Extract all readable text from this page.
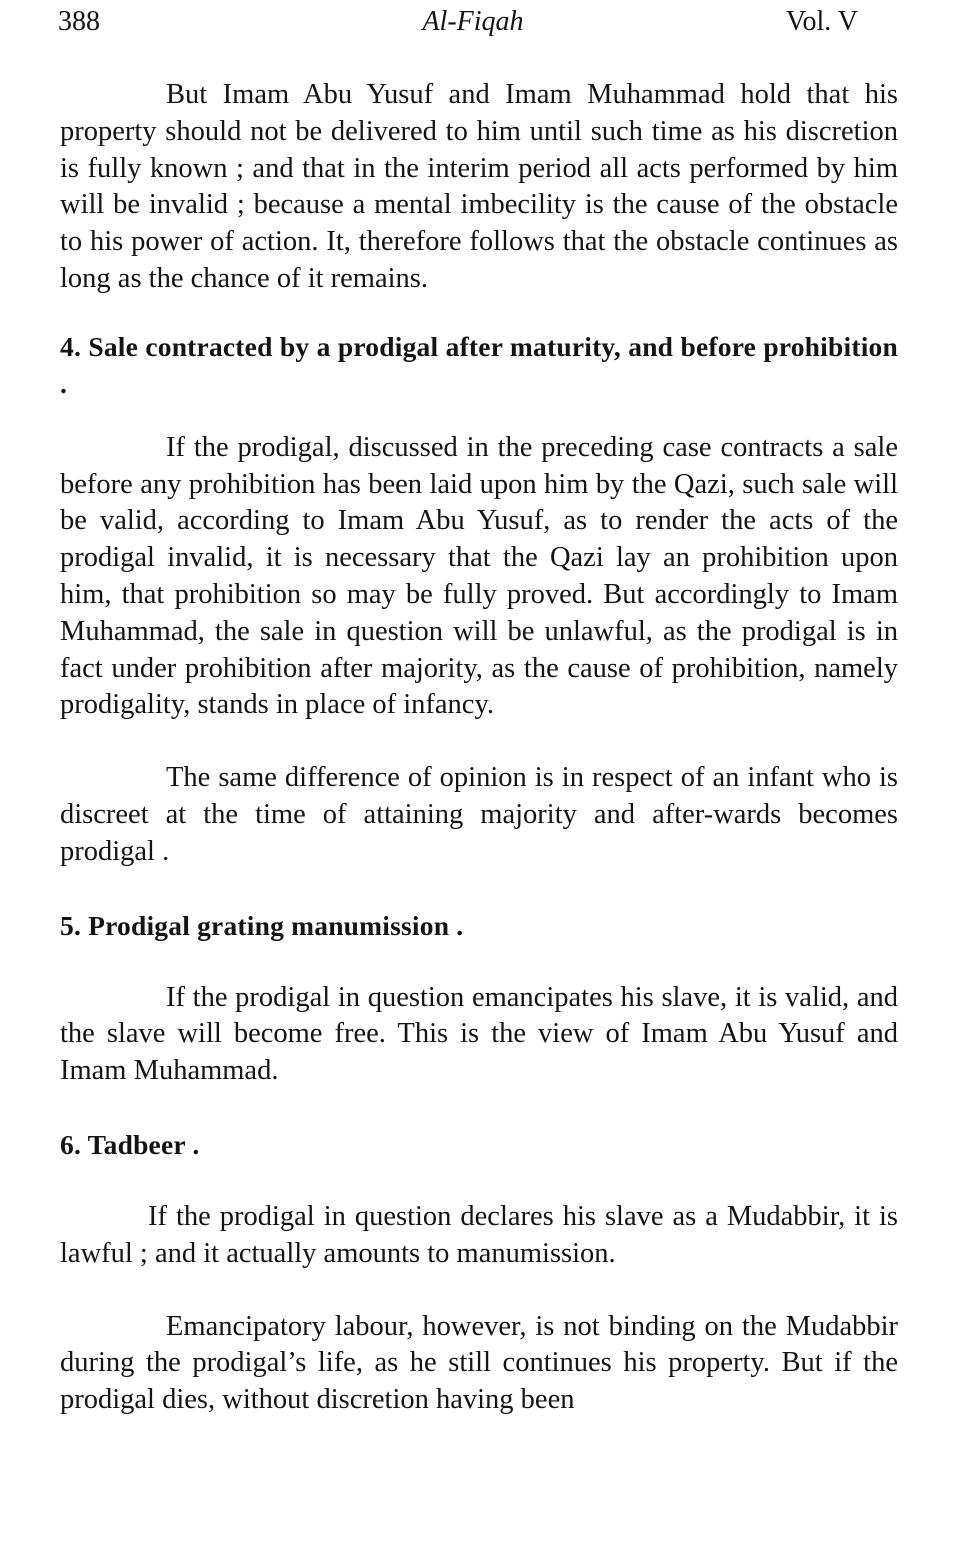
388	Al-Fiqah	Vol. V

But Imam Abu Yusuf and Imam Muhammad hold that his property should not be delivered to him until such time as his discretion is fully known ; and that in the interim period all acts performed by him will be invalid ; because a mental imbecility is the cause of the obstacle to his power of action. It, therefore follows that the obstacle continues as long as the chance of it remains.

4. Sale contracted by a prodigal after maturity, and before prohibition .

If the prodigal, discussed in the preceding case contracts a sale before any prohibition has been laid upon him by the Qazi, such sale will be valid, according to Imam Abu Yusuf, as to render the acts of the prodigal invalid, it is necessary that the Qazi lay an prohibition upon him, that prohibition so may be fully proved. But accordingly to Imam Muhammad, the sale in question will be unlawful, as the prodigal is in fact under prohibition after majority, as the cause of prohibition, namely prodigality, stands in place of infancy.

The same difference of opinion is in respect of an infant who is discreet at the time of attaining majority and after-wards becomes prodigal .

5. Prodigal grating manumission .

If the prodigal in question emancipates his slave, it is valid, and the slave will become free. This is the view of Imam Abu Yusuf and Imam Muhammad.

6. Tadbeer .

If the prodigal in question declares his slave as a Mudabbir, it is lawful ; and it actually amounts to manumission.

Emancipatory labour, however, is not binding on the Mudabbir during the prodigal’s life, as he still continues his property. But if the prodigal dies, without discretion having been
